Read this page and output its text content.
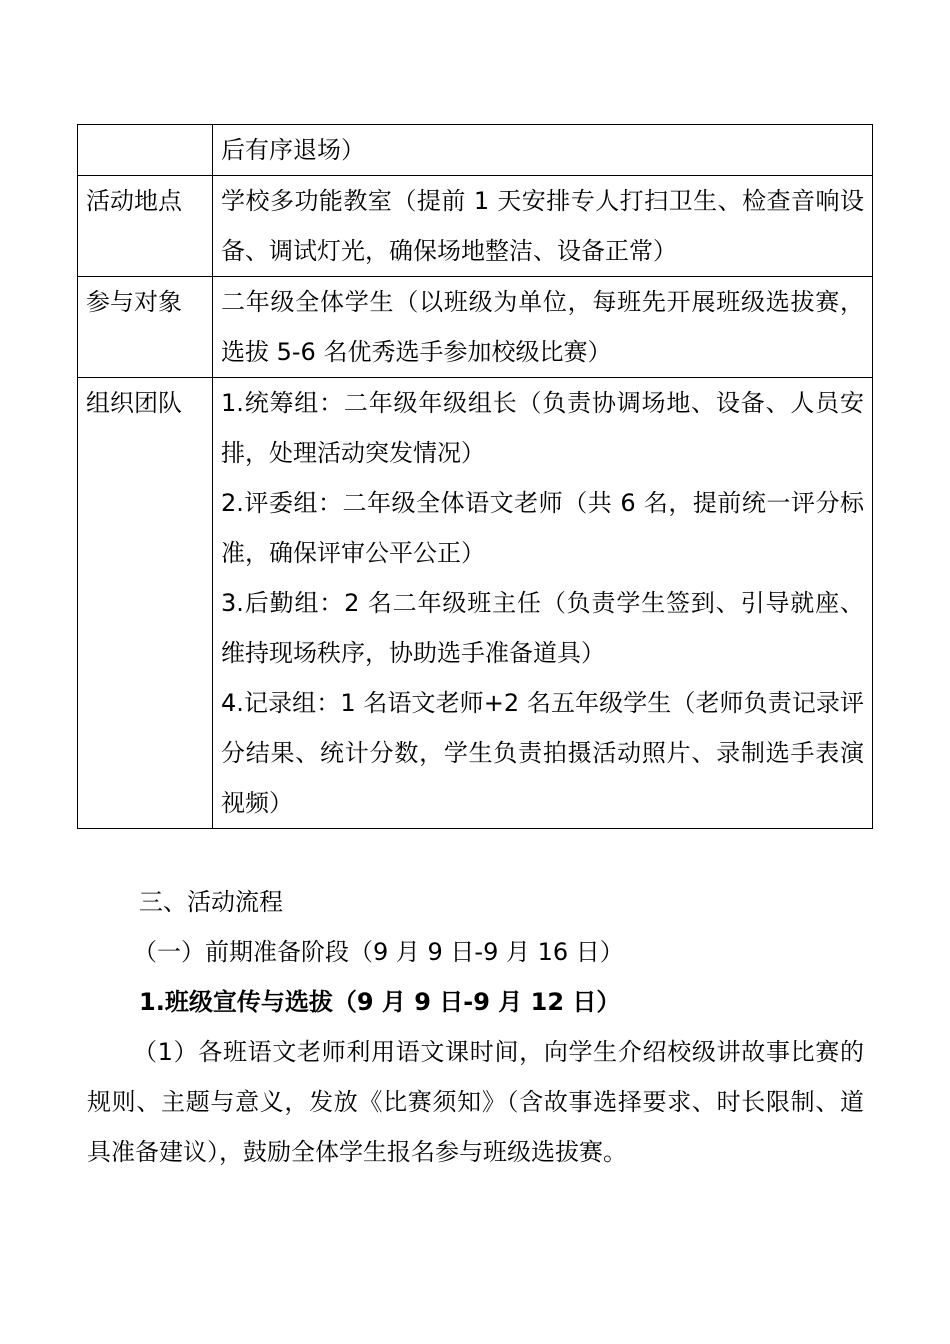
	后有序退场）

活动地点	学校多功能教室（提前 1 天安排专人打扫卫生、检查音响设备、调试灯光，确保场地整洁、设备正常）

参与对象	二年级全体学生（以班级为单位，每班先开展班级选拔赛，选拔 5-6 名优秀选手参加校级比赛）

组织团队	1.统筹组：二年级年级组长（负责协调场地、设备、人员安排，处理活动突发情况）
2.评委组：二年级全体语文老师（共 6 名，提前统一评分标准，确保评审公平公正）
3.后勤组：2 名二年级班主任（负责学生签到、引导就座、维持现场秩序，协助选手准备道具）
4.记录组：1 名语文老师+2 名五年级学生（老师负责记录评分结果、统计分数，学生负责拍摄活动照片、录制选手表演视频）

三、活动流程

（一）前期准备阶段（9 月 9 日-9 月 16 日）

1.班级宣传与选拔（9 月 9 日-9 月 12 日）

（1）各班语文老师利用语文课时间，向学生介绍校级讲故事比赛的规则、主题与意义，发放《比赛须知》（含故事选择要求、时长限制、道具准备建议），鼓励全体学生报名参与班级选拔赛。
